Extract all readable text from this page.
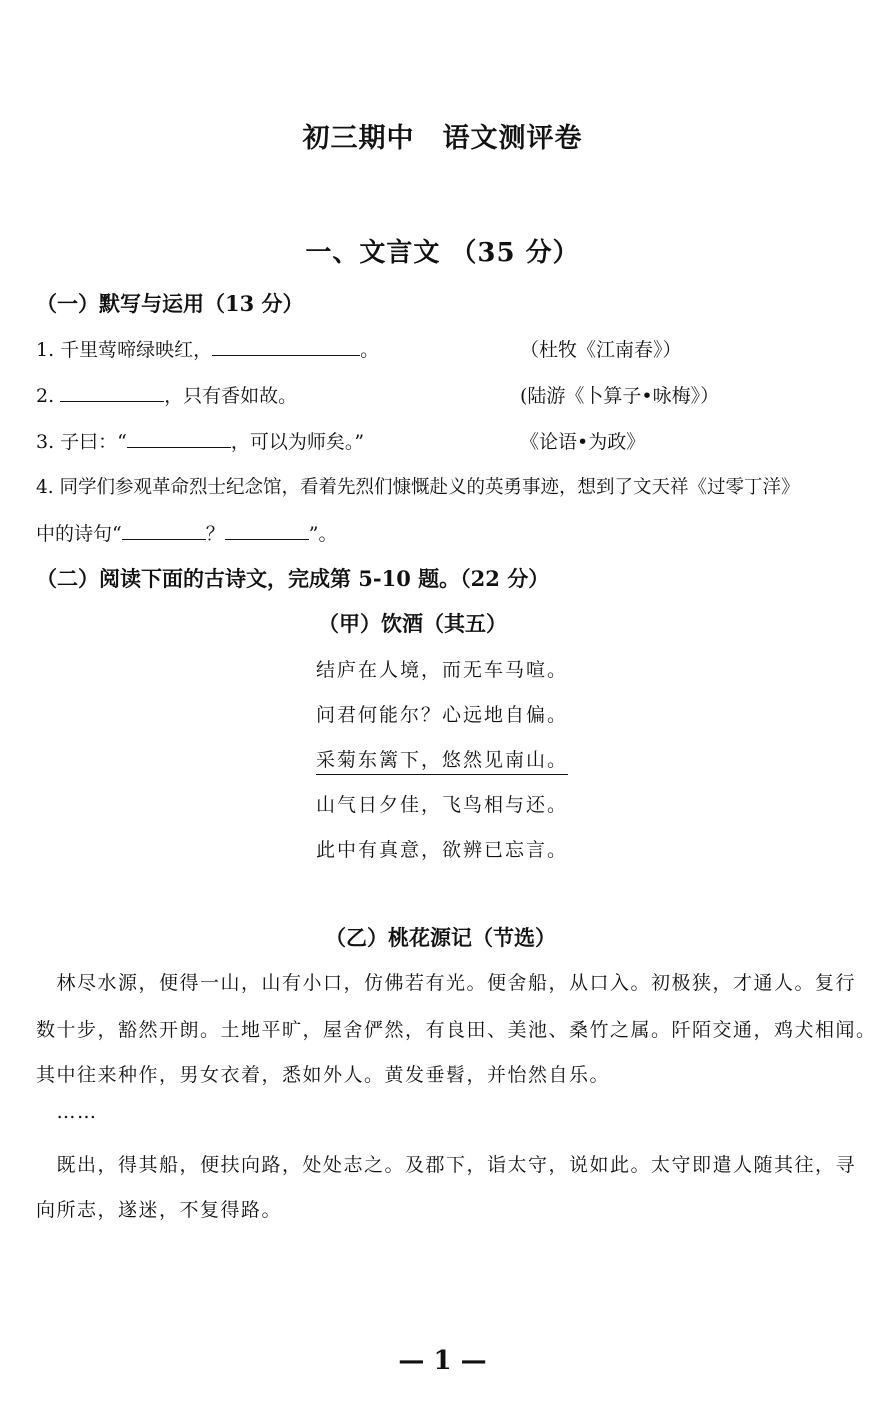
初三期中　语文测评卷
一、文言文 （35 分）
（一）默写与运用（13 分）
1. 千里莺啼绿映红，	。	（杜牧《江南春》）
2.	，只有香如故。	(陆游《卜算子•咏梅》）
3. 子曰：“	，可以为师矣。”	《论语•为政》
4. 同学们参观革命烈士纪念馆，看着先烈们慷慨赴义的英勇事迹，想到了文天祥《过零丁洋》
中的诗句“	？	”。
（二）阅读下面的古诗文，完成第 5-10 题。（22 分）
（甲）饮酒（其五）
结庐在人境，而无车马喧。
问君何能尔？心远地自偏。
采菊东篱下，悠然见南山。
山气日夕佳，飞鸟相与还。
此中有真意，欲辨已忘言。
（乙）桃花源记（节选）
　林尽水源，便得一山，山有小口，仿佛若有光。便舍船，从口入。初极狭，才通人。复行
数十步，豁然开朗。土地平旷，屋舍俨然，有良田、美池、桑竹之属。阡陌交通，鸡犬相闻。
其中往来种作，男女衣着，悉如外人。黄发垂髫，并怡然自乐。
　……
　既出，得其船，便扶向路，处处志之。及郡下，诣太守，说如此。太守即遣人随其往，寻
向所志，遂迷，不复得路。
— 1 —
